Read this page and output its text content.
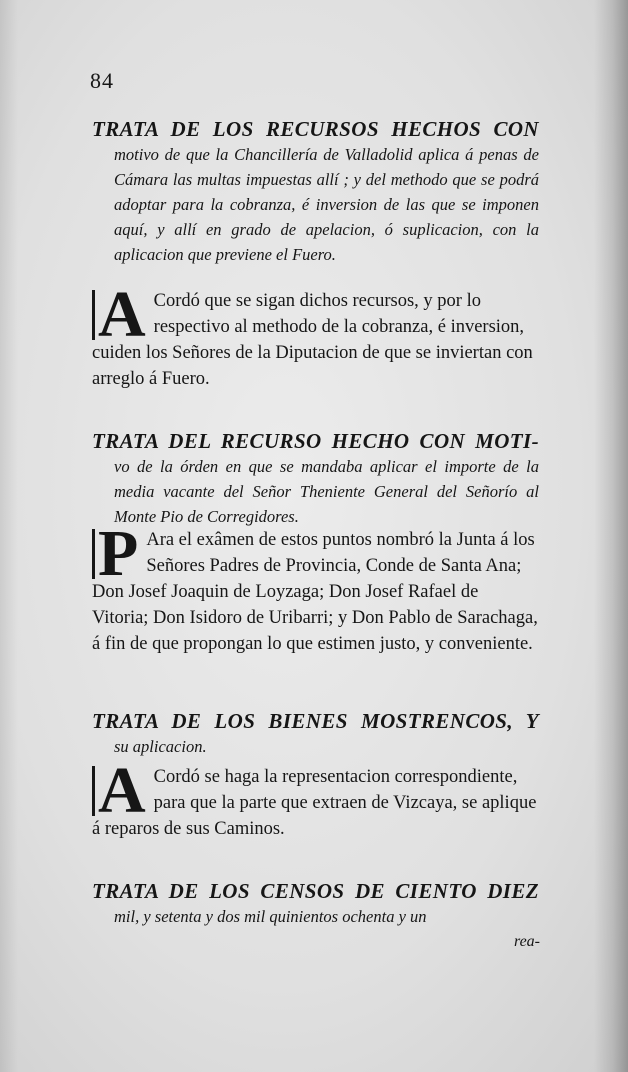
84
TRATA DE LOS RECURSOS HECHOS CON
motivo de que la Chancillería de Valladolid aplica á penas de Cámara las multas impuestas allí ; y del methodo que se podrá adoptar para la cobranza, é inversion de las que se imponen aquí, y allí en grado de apelacion, ó suplicacion, con la aplicacion que previene el Fuero.
A Cordó que se sigan dichos recursos, y por lo respectivo al methodo de la cobranza, é inversion, cuiden los Señores de la Diputacion de que se inviertan con arreglo á Fuero.
TRATA DEL RECURSO HECHO CON MOTI-
vo de la órden en que se mandaba aplicar el importe de la media vacante del Señor Theniente General del Señorío al Monte Pio de Corregidores.
P Ara el exâmen de estos puntos nombró la Junta á los Señores Padres de Provincia, Conde de Santa Ana; Don Josef Joaquin de Loyzaga; Don Josef Rafael de Vitoria; Don Isidoro de Uribarri; y Don Pablo de Sarachaga, á fin de que propongan lo que estimen justo, y conveniente.
TRATA DE LOS BIENES MOSTRENCOS, Y
su aplicacion.
A Cordó se haga la representacion correspondiente, para que la parte que extraen de Vizcaya, se aplique á reparos de sus Caminos.
TRATA DE LOS CENSOS DE CIENTO DIEZ
mil, y setenta y dos mil quinientos ochenta y un
rea-
